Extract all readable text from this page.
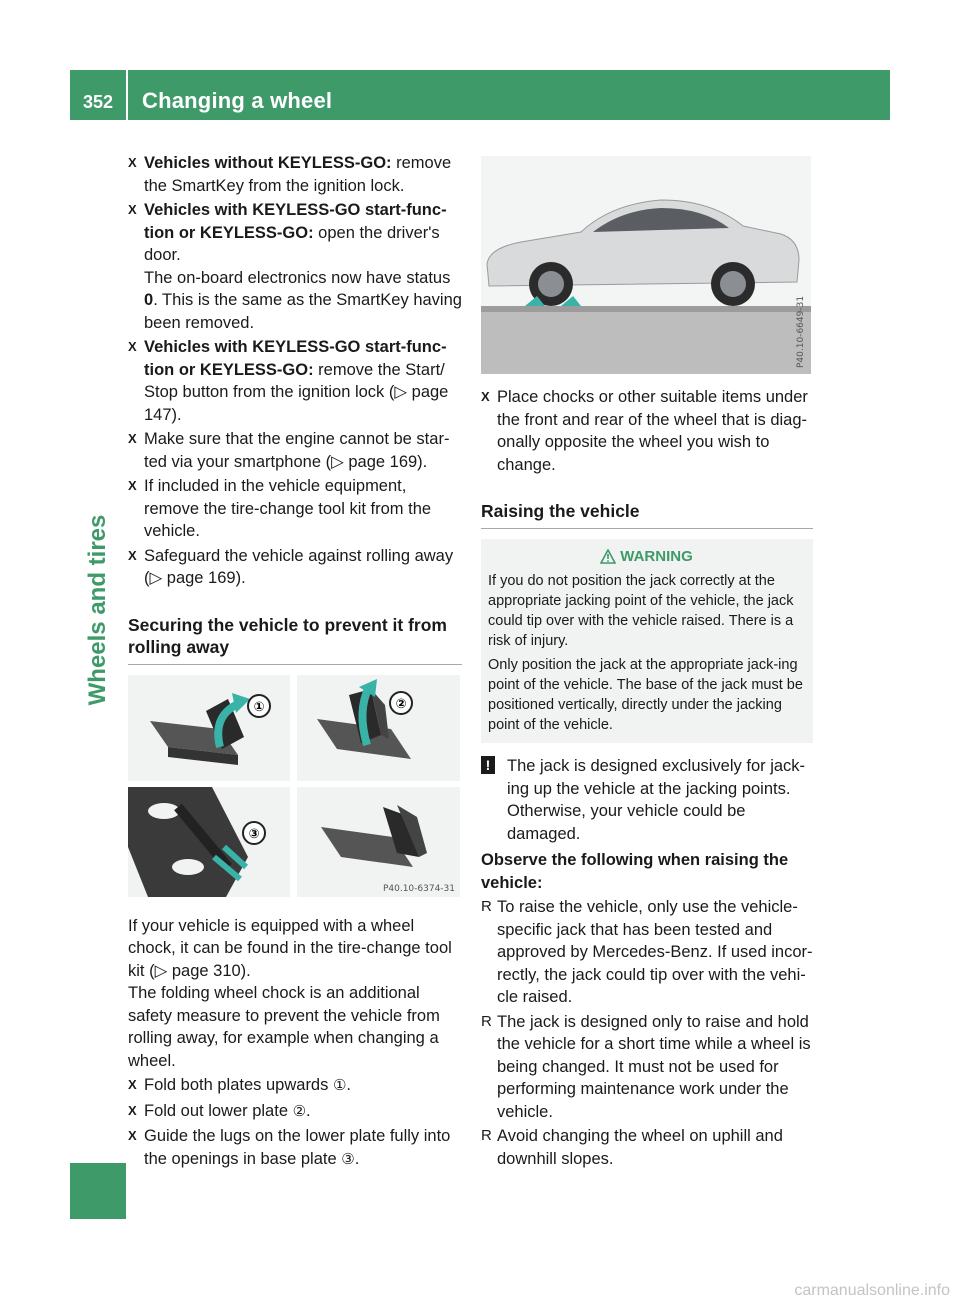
352	Changing a wheel
Wheels and tires
X Vehicles without KEYLESS-GO: remove the SmartKey from the ignition lock.
X Vehicles with KEYLESS-GO start-func-tion or KEYLESS-GO: open the driver's door.
The on-board electronics now have status 0. This is the same as the SmartKey having been removed.
X Vehicles with KEYLESS-GO start-func-tion or KEYLESS-GO: remove the Start/ Stop button from the ignition lock (▷ page 147).
X Make sure that the engine cannot be star-ted via your smartphone (▷ page 169).
X If included in the vehicle equipment, remove the tire-change tool kit from the vehicle.
X Safeguard the vehicle against rolling away (▷ page 169).
Securing the vehicle to prevent it from rolling away
①	②
③
P40.10-6374-31
If your vehicle is equipped with a wheel chock, it can be found in the tire-change tool kit (▷ page 310).
The folding wheel chock is an additional safety measure to prevent the vehicle from rolling away, for example when changing a wheel.
X Fold both plates upwards ①.
X Fold out lower plate ②.
X Guide the lugs on the lower plate fully into the openings in base plate ③.
P40.10-6649-31
X Place chocks or other suitable items under the front and rear of the wheel that is diag-onally opposite the wheel you wish to change.
Raising the vehicle
WARNING
If you do not position the jack correctly at the appropriate jacking point of the vehicle, the jack could tip over with the vehicle raised. There is a risk of injury.
Only position the jack at the appropriate jack-ing point of the vehicle. The base of the jack must be positioned vertically, directly under the jacking point of the vehicle.
! The jack is designed exclusively for jack-ing up the vehicle at the jacking points. Otherwise, your vehicle could be damaged.
Observe the following when raising the vehicle:
R To raise the vehicle, only use the vehicle-specific jack that has been tested and approved by Mercedes-Benz. If used incor-rectly, the jack could tip over with the vehi-cle raised.
R The jack is designed only to raise and hold the vehicle for a short time while a wheel is being changed. It must not be used for performing maintenance work under the vehicle.
R Avoid changing the wheel on uphill and downhill slopes.
carmanualsonline.info
